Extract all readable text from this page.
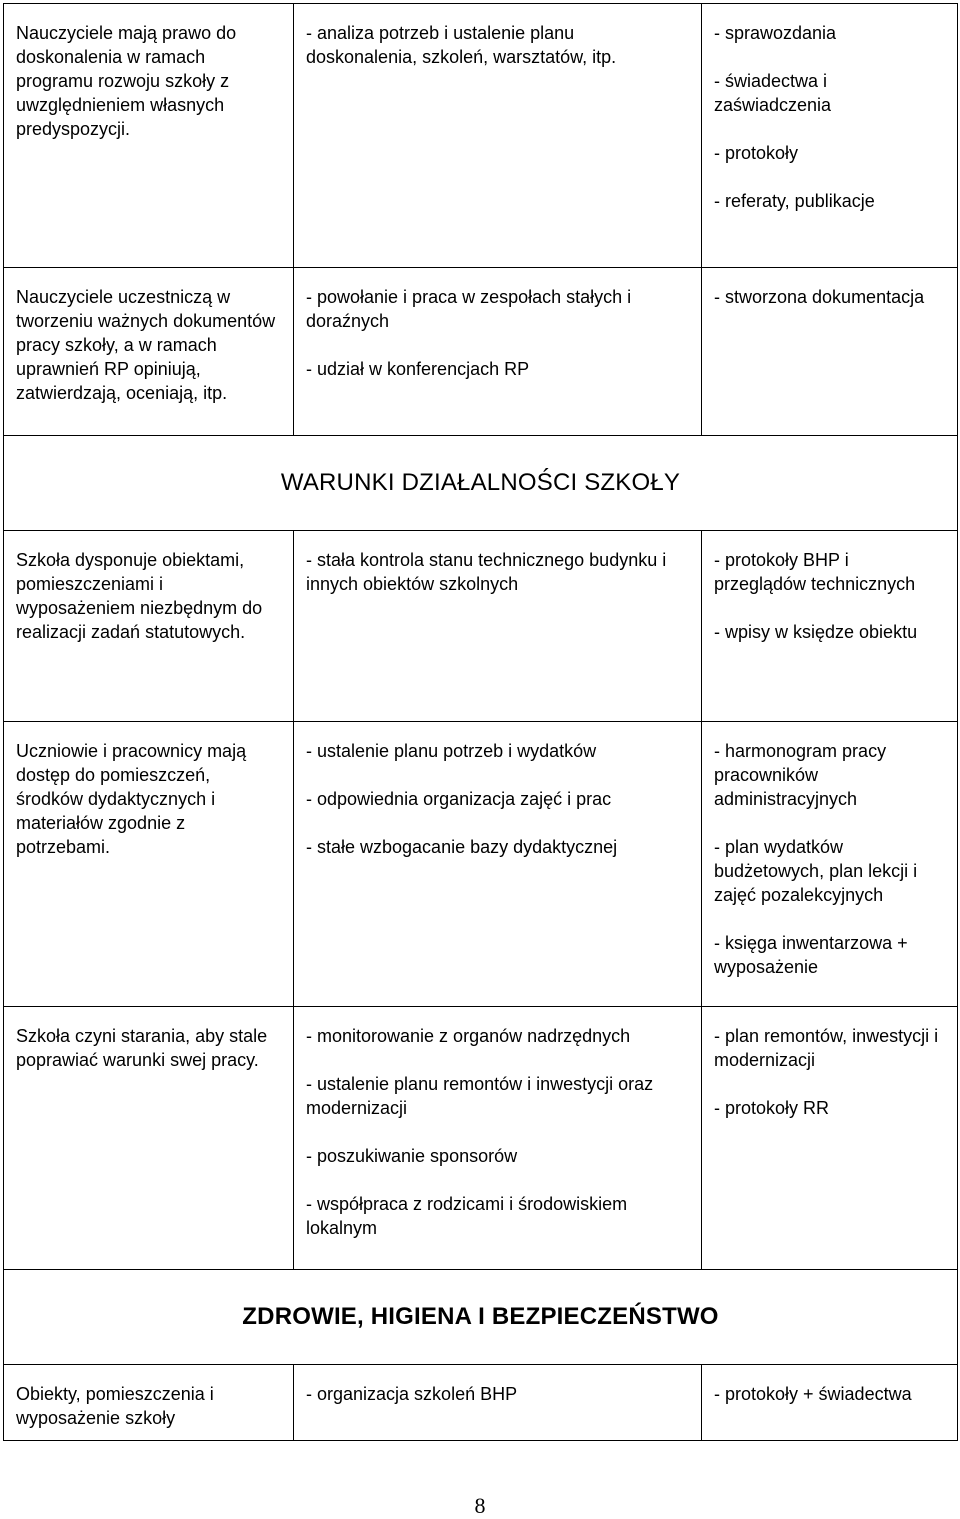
Nauczyciele mają prawo do doskonalenia w ramach programu rozwoju szkoły z uwzględnieniem własnych predyspozycji.	- analiza potrzeb i ustalenie planu doskonalenia, szkoleń, warsztatów, itp.	- sprawozdania
- świadectwa i zaświadczenia
- protokoły
- referaty, publikacje

Nauczyciele uczestniczą w tworzeniu ważnych dokumentów pracy szkoły, a w ramach uprawnień RP opiniują, zatwierdzają, oceniają, itp.	- powołanie i praca w zespołach stałych i doraźnych
- udział w konferencjach RP	- stworzona dokumentacja

WARUNKI DZIAŁALNOŚCI SZKOŁY		

Szkoła dysponuje obiektami, pomieszczeniami i wyposażeniem niezbędnym do realizacji zadań statutowych.	- stała kontrola stanu technicznego budynku i innych obiektów szkolnych	- protokoły BHP i przeglądów technicznych
- wpisy w księdze obiektu

Uczniowie i pracownicy mają dostęp do pomieszczeń, środków dydaktycznych i materiałów zgodnie z potrzebami.	- ustalenie planu potrzeb i wydatków
- odpowiednia organizacja zajęć i prac
- stałe wzbogacanie bazy dydaktycznej	- harmonogram pracy pracowników administracyjnych
- plan wydatków budżetowych, plan lekcji i zajęć pozalekcyjnych
- księga inwentarzowa + wyposażenie

Szkoła czyni starania, aby stale poprawiać warunki swej pracy.	- monitorowanie z organów nadrzędnych
- ustalenie planu remontów i inwestycji oraz modernizacji
- poszukiwanie sponsorów
- współpraca z rodzicami i środowiskiem lokalnym	- plan remontów, inwestycji i modernizacji
- protokoły RR

ZDROWIE, HIGIENA I BEZPIECZEŃSTWO		

Obiekty, pomieszczenia i wyposażenie szkoły	- organizacja szkoleń BHP	- protokoły + świadectwa
8
